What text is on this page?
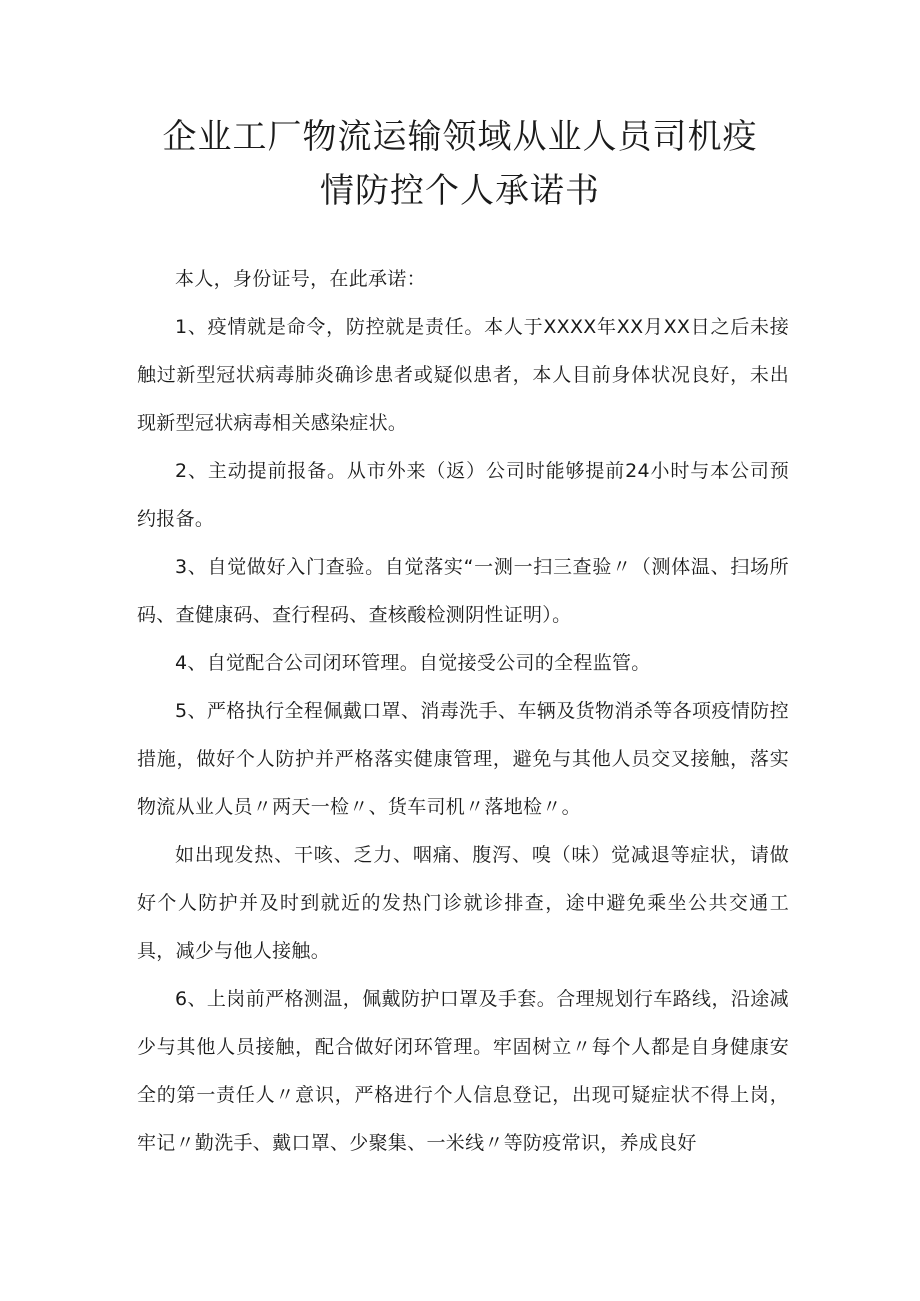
企业工厂物流运输领域从业人员司机疫
情防控个人承诺书

本人，身份证号，在此承诺：

1、疫情就是命令，防控就是责任。本人于XXXX年XX月XX日之后未接触过新型冠状病毒肺炎确诊患者或疑似患者，本人目前身体状况良好，未出现新型冠状病毒相关感染症状。

2、主动提前报备。从市外来（返）公司时能够提前24小时与本公司预约报备。

3、自觉做好入门查验。自觉落实“一测一扫三查验〃（测体温、扫场所码、查健康码、查行程码、查核酸检测阴性证明）。

4、自觉配合公司闭环管理。自觉接受公司的全程监管。

5、严格执行全程佩戴口罩、消毒洗手、车辆及货物消杀等各项疫情防控措施，做好个人防护并严格落实健康管理，避免与其他人员交叉接触，落实物流从业人员〃两天一检〃、货车司机〃落地检〃。

如出现发热、干咳、乏力、咽痛、腹泻、嗅（味）觉减退等症状，请做好个人防护并及时到就近的发热门诊就诊排查，途中避免乘坐公共交通工具，减少与他人接触。

6、上岗前严格测温，佩戴防护口罩及手套。合理规划行车路线，沿途减少与其他人员接触，配合做好闭环管理。牢固树立〃每个人都是自身健康安全的第一责任人〃意识，严格进行个人信息登记，出现可疑症状不得上岗，牢记〃勤洗手、戴口罩、少聚集、一米线〃等防疫常识，养成良好
